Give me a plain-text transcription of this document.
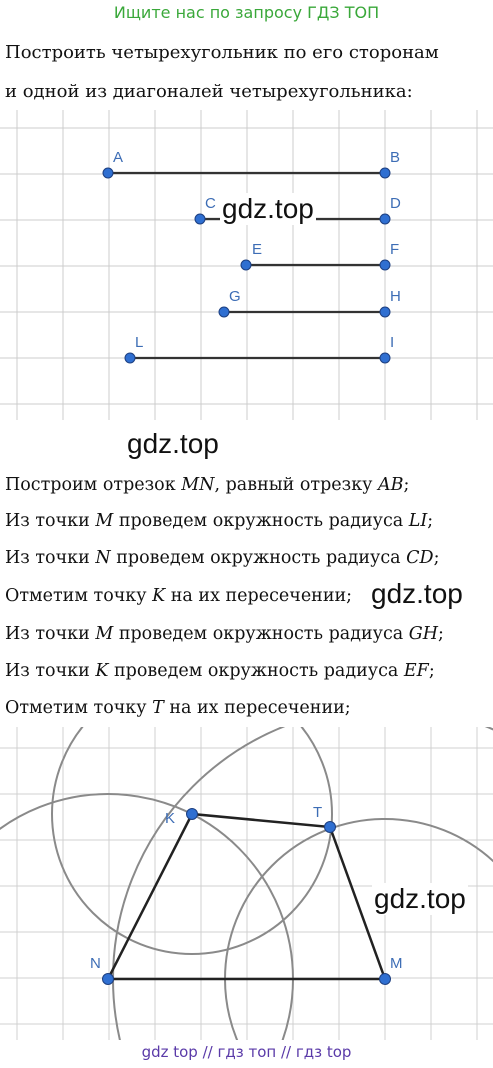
Ищите нас по запросу ГДЗ ТОП
Построить четырехугольник по его сторонам
и одной из диагоналей четырехугольника:
A	B
C	D
E	F
G	H
L	I
gdz.top
gdz.top
Построим отрезок MN, равный отрезку AB;
Из точки M проведем окружность радиуса LI;
Из точки N проведем окружность радиуса CD;
Отметим точку K на их пересечении; gdz.top
Из точки M проведем окружность радиуса GH;
Из точки K проведем окружность радиуса EF;
Отметим точку T на их пересечении;
K	T
N	M
gdz.top
gdz top // гдз топ // гдз top
